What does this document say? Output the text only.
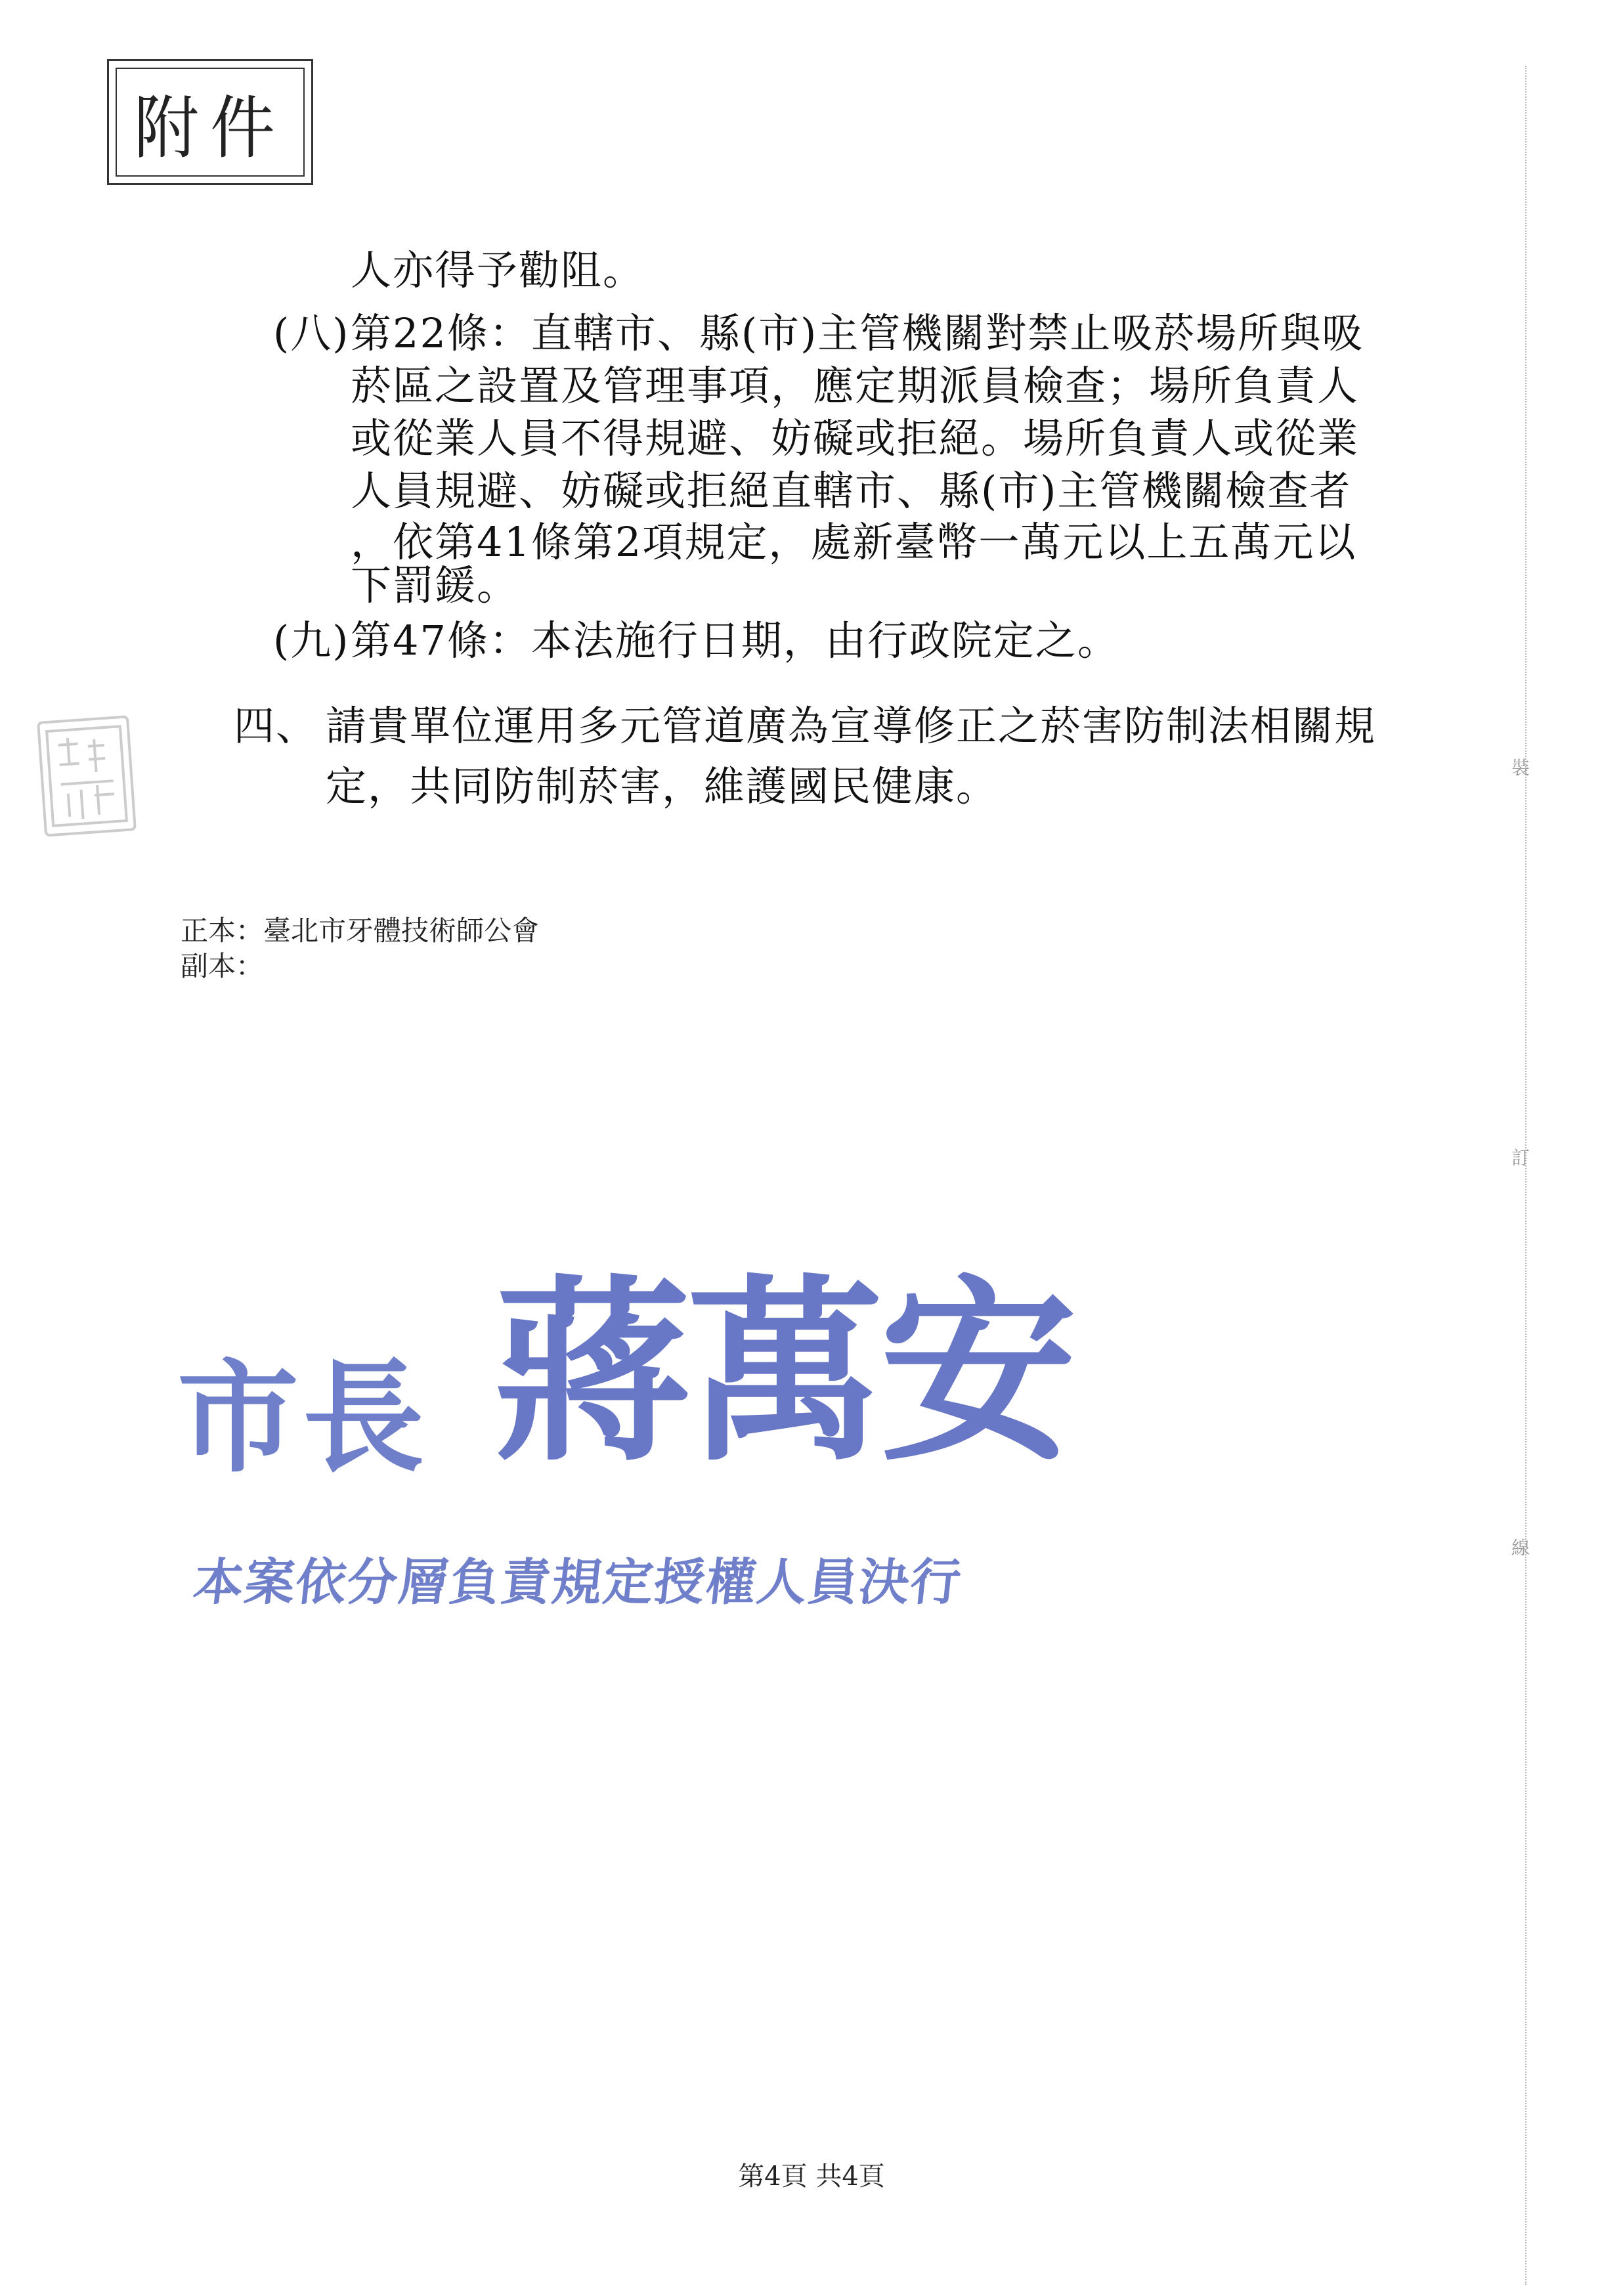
附件
人亦得予勸阻。
(八) 第22條：直轄市、縣(市)主管機關對禁止吸菸場所與吸
菸區之設置及管理事項，應定期派員檢查；場所負責人
或從業人員不得規避、妨礙或拒絕。場所負責人或從業
人員規避、妨礙或拒絕直轄市、縣(市)主管機關檢查者
，依第41條第2項規定，處新臺幣一萬元以上五萬元以
下罰鍰。
(九) 第47條：本法施行日期，由行政院定之。
四、 請貴單位運用多元管道廣為宣導修正之菸害防制法相關規
定，共同防制菸害，維護國民健康。
正本： 臺北市牙體技術師公會
副本：
市長 蔣萬安
本案依分層負責規定授權人員決行
裝
訂
線
第4頁 共4頁
